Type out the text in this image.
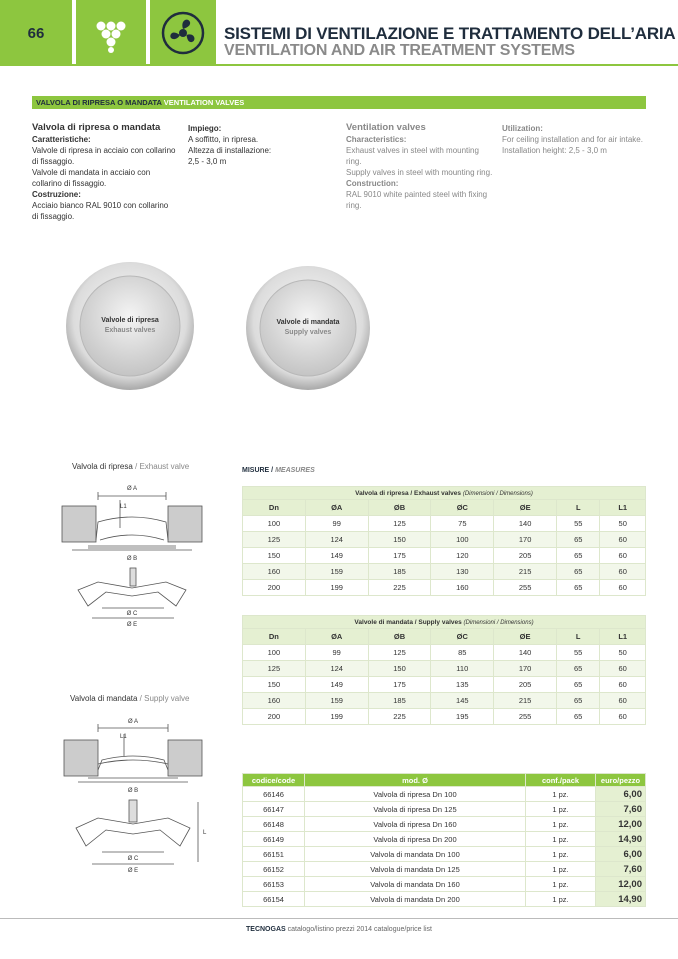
66	SISTEMI DI VENTILAZIONE E TRATTAMENTO DELL’ARIA
VENTILATION AND AIR TREATMENT SYSTEMS
VALVOLA DI RIPRESA O MANDATA VENTILATION VALVES
Valvola di ripresa o mandata
Caratteristiche:
Valvole di ripresa in acciaio con collarino
di fissaggio.
Valvole di mandata in acciaio con
collarino di fissaggio.
Costruzione:
Acciaio bianco RAL 9010 con collarino
di fissaggio.
Impiego:
A soffitto, in ripresa.
Altezza di installazione:
2,5 - 3,0 m
Ventilation valves
Characteristics:
Exhaust valves in steel with mounting
ring.
Supply valves in steel with mounting ring.
Construction:
RAL 9010 white painted steel with fixing
ring.
Utilization:
For ceiling installation and for air intake.
Installation height: 2,5 - 3,0 m
Valvole di ripresa
Exhaust valves
Valvole di mandata
Supply valves
Valvola di ripresa / Exhaust valve
Valvola di mandata / Supply valve
Ø A
L1
Ø B
Ø C
Ø E
Ø A
L1
Ø B
L
Ø C
Ø E
MISURE / MEASURES
Valvola di ripresa / Exhaust valves (Dimensioni / Dimensions)						
Dn	ØA	ØB	ØC	ØE	L	L1
100	99	125	75	140	55	50
125	124	150	100	170	65	60
150	149	175	120	205	65	60
160	159	185	130	215	65	60
200	199	225	160	255	65	60
Valvole di mandata / Supply valves (Dimensioni / Dimensions)						
Dn	ØA	ØB	ØC	ØE	L	L1
100	99	125	85	140	55	50
125	124	150	110	170	65	60
150	149	175	135	205	65	60
160	159	185	145	215	65	60
200	199	225	195	255	65	60
codice/code	mod. Ø	conf./pack	euro/pezzo
66146	Valvola di ripresa Dn 100	1 pz.	6,00
66147	Valvola di ripresa Dn 125	1 pz.	7,60
66148	Valvola di ripresa Dn 160	1 pz.	12,00
66149	Valvola di ripresa Dn 200	1 pz.	14,90
66151	Valvola di mandata Dn 100	1 pz.	6,00
66152	Valvola di mandata Dn 125	1 pz.	7,60
66153	Valvola di mandata Dn 160	1 pz.	12,00
66154	Valvola di mandata Dn 200	1 pz.	14,90
TECNOGAS catalogo/listino prezzi 2014 catalogue/price list
